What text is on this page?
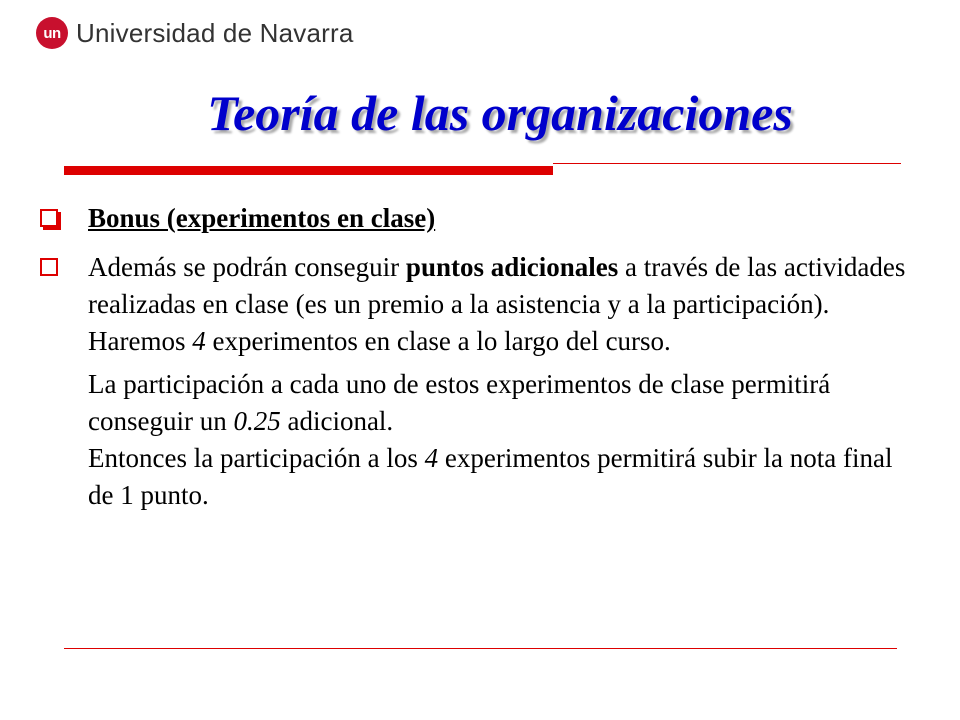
un Universidad de Navarra
Teoría de las organizaciones
Bonus (experimentos en clase)

Además se podrán conseguir puntos adicionales a través de las actividades realizadas en clase (es un premio a la asistencia y a la participación).
Haremos 4 experimentos en clase a lo largo del curso.

La participación a cada uno de estos experimentos de clase permitirá conseguir un 0.25 adicional.
Entonces la participación a los 4 experimentos permitirá subir la nota final de 1 punto.
